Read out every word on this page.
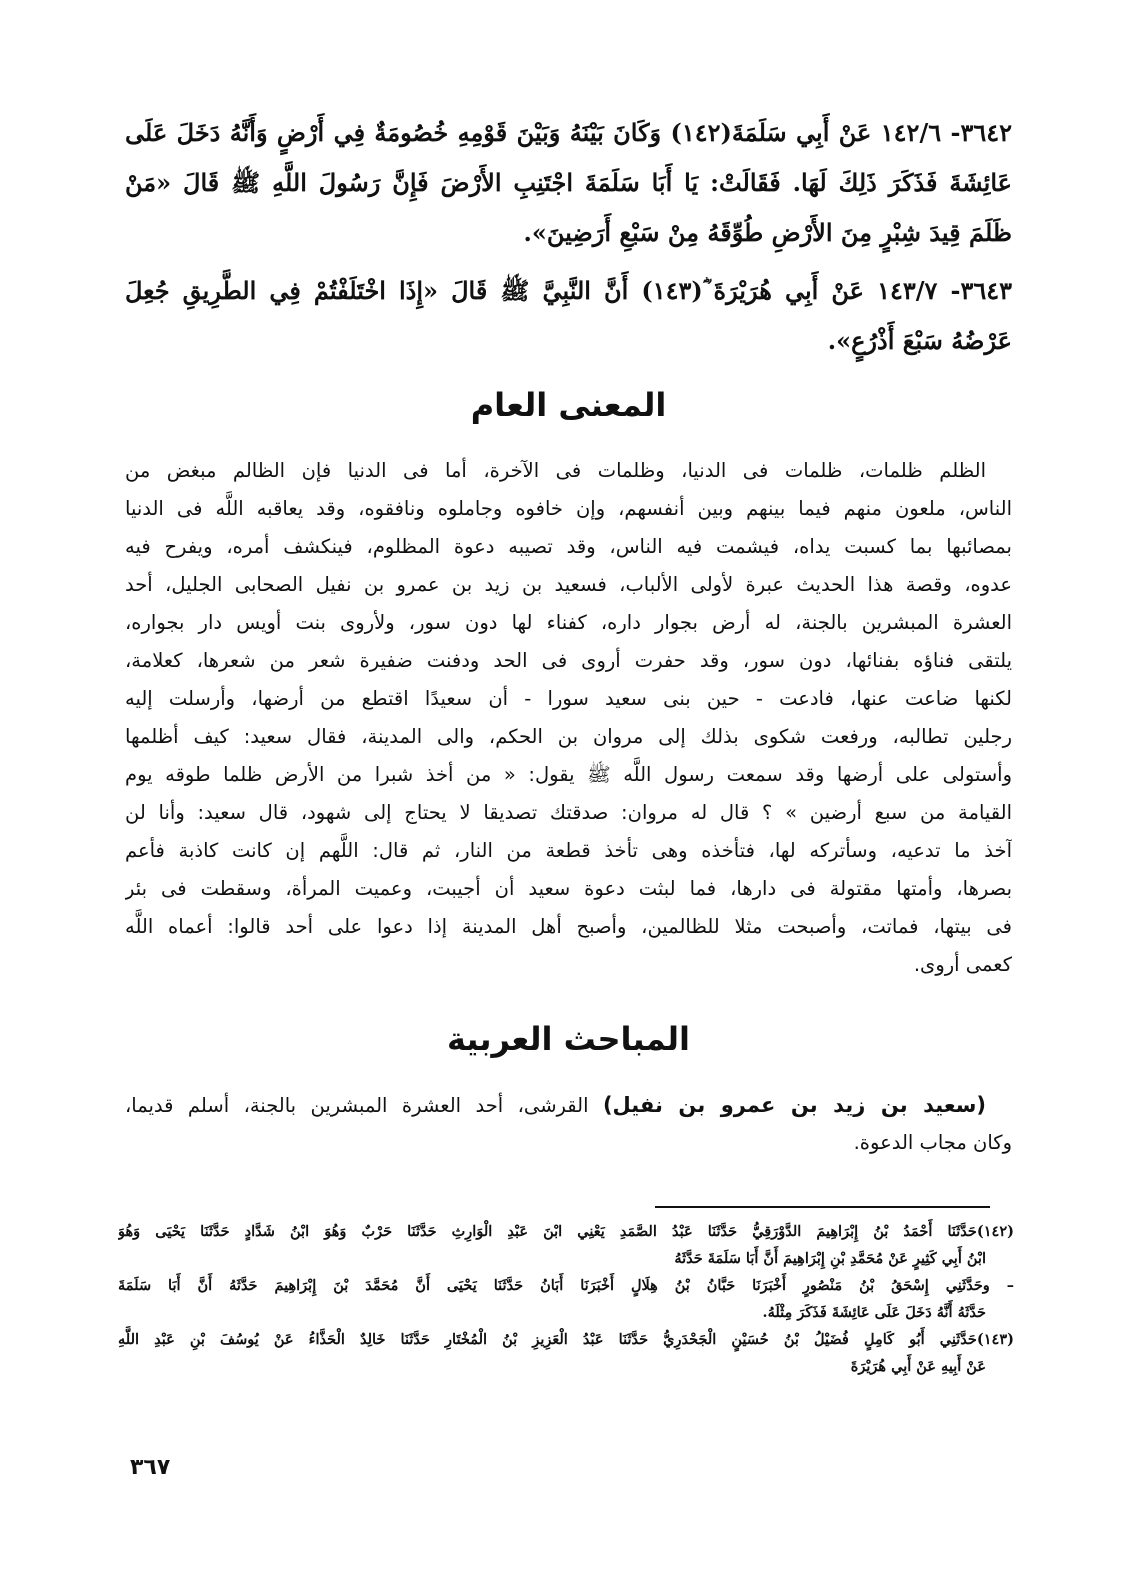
٣٦٤٢- ١٤٢/٦ عَنْ أَبِي سَلَمَةَ(١٤٢) وَكَانَ بَيْنَهُ وَبَيْنَ قَوْمِهِ خُصُومَةٌ فِي أَرْضٍ وَأَنَّهُ دَخَلَ عَلَى
عَائِشَةَ فَذَكَرَ ذَلِكَ لَهَا. فَقَالَتْ: يَا أَبَا سَلَمَةَ اجْتَنِبِ الأَرْضَ فَإِنَّ رَسُولَ اللَّهِ ﷺ قَالَ «مَنْ
ظَلَمَ قِيدَ شِبْرٍ مِنَ الأَرْضِ طُوِّقَهُ مِنْ سَبْعِ أَرَضِينَ».
٣٦٤٣- ١٤٣/٧ عَنْ أَبِي هُرَيْرَةَ ؓ(١٤٣) أَنَّ النَّبِيَّ ﷺ قَالَ «إِذَا اخْتَلَفْتُمْ فِي الطَّرِيقِ جُعِلَ
عَرْضُهُ سَبْعَ أَذْرُعٍ».
المعنى العام
الظلم ظلمات، ظلمات فى الدنيا، وظلمات فى الآخرة، أما فى الدنيا فإن الظالم مبغض من
الناس، ملعون منهم فيما بينهم وبين أنفسهم، وإن خافوه وجاملوه ونافقوه، وقد يعاقبه اللَّه فى الدنيا
بمصائبها بما كسبت يداه، فيشمت فيه الناس، وقد تصيبه دعوة المظلوم، فينكشف أمره، ويفرح فيه
عدوه، وقصة هذا الحديث عبرة لأولى الألباب، فسعيد بن زيد بن عمرو بن نفيل الصحابى الجليل، أحد
العشرة المبشرين بالجنة، له أرض بجوار داره، كفناء لها دون سور، ولأروى بنت أويس دار بجواره،
يلتقى فناؤه بفنائها، دون سور، وقد حفرت أروى فى الحد ودفنت ضفيرة شعر من شعرها، كعلامة،
لكنها ضاعت عنها، فادعت - حين بنى سعيد سورا - أن سعيدًا اقتطع من أرضها، وأرسلت إليه
رجلين تطالبه، ورفعت شكوى بذلك إلى مروان بن الحكم، والى المدينة، فقال سعيد: كيف أظلمها
وأستولى على أرضها وقد سمعت رسول اللَّه ﷺ يقول: « من أخذ شبرا من الأرض ظلما طوقه يوم
القيامة من سبع أرضين » ؟ قال له مروان: صدقتك تصديقا لا يحتاج إلى شهود، قال سعيد: وأنا لن
آخذ ما تدعيه، وسأتركه لها، فتأخذه وهى تأخذ قطعة من النار، ثم قال: اللَّهم إن كانت كاذبة فأعم
بصرها، وأمتها مقتولة فى دارها، فما لبثت دعوة سعيد أن أجيبت، وعميت المرأة، وسقطت فى بئر
فى بيتها، فماتت، وأصبحت مثلا للظالمين، وأصبح أهل المدينة إذا دعوا على أحد قالوا: أعماه اللَّه
كعمى أروى.
المباحث العربية
(سعيد بن زيد بن عمرو بن نفيل) القرشى، أحد العشرة المبشرين بالجنة، أسلم قديما،
وكان مجاب الدعوة.
(١٤٢)حَدَّثَنَا أَحْمَدُ بْنُ إِبْرَاهِيمَ الدَّوْرَقِيُّ حَدَّثَنَا عَبْدُ الصَّمَدِ يَعْنِي ابْنَ عَبْدِ الْوَارِثِ حَدَّثَنَا حَرْبٌ وَهُوَ ابْنُ شَدَّادٍ حَدَّثَنَا يَحْيَى وَهُوَ
ابْنُ أَبِي كَثِيرٍ عَنْ مُحَمَّدِ بْنِ إِبْرَاهِيمَ أَنَّ أَبَا سَلَمَةَ حَدَّثَهُ
– وحَدَّثَنِي إِسْحَقُ بْنُ مَنْصُورٍ أَخْبَرَنَا حَبَّانُ بْنُ هِلَالٍ أَخْبَرَنَا أَبَانُ حَدَّثَنَا يَحْيَى أَنَّ مُحَمَّدَ بْنَ إِبْرَاهِيمَ حَدَّثَهُ أَنَّ أَبَا سَلَمَةَ
حَدَّثَهُ أَنَّهُ دَخَلَ عَلَى عَائِشَةَ فَذَكَرَ مِثْلَهُ.
(١٤٣)حَدَّثَنِي أَبُو كَامِلٍ فُضَيْلُ بْنُ حُسَيْنٍ الْجَحْدَرِيُّ حَدَّثَنَا عَبْدُ الْعَزِيزِ بْنُ الْمُخْتَارِ حَدَّثَنَا خَالِدٌ الْحَذَّاءُ عَنْ يُوسُفَ بْنِ عَبْدِ اللَّهِ
عَنْ أَبِيهِ عَنْ أَبِي هُرَيْرَةَ
٣٦٧
